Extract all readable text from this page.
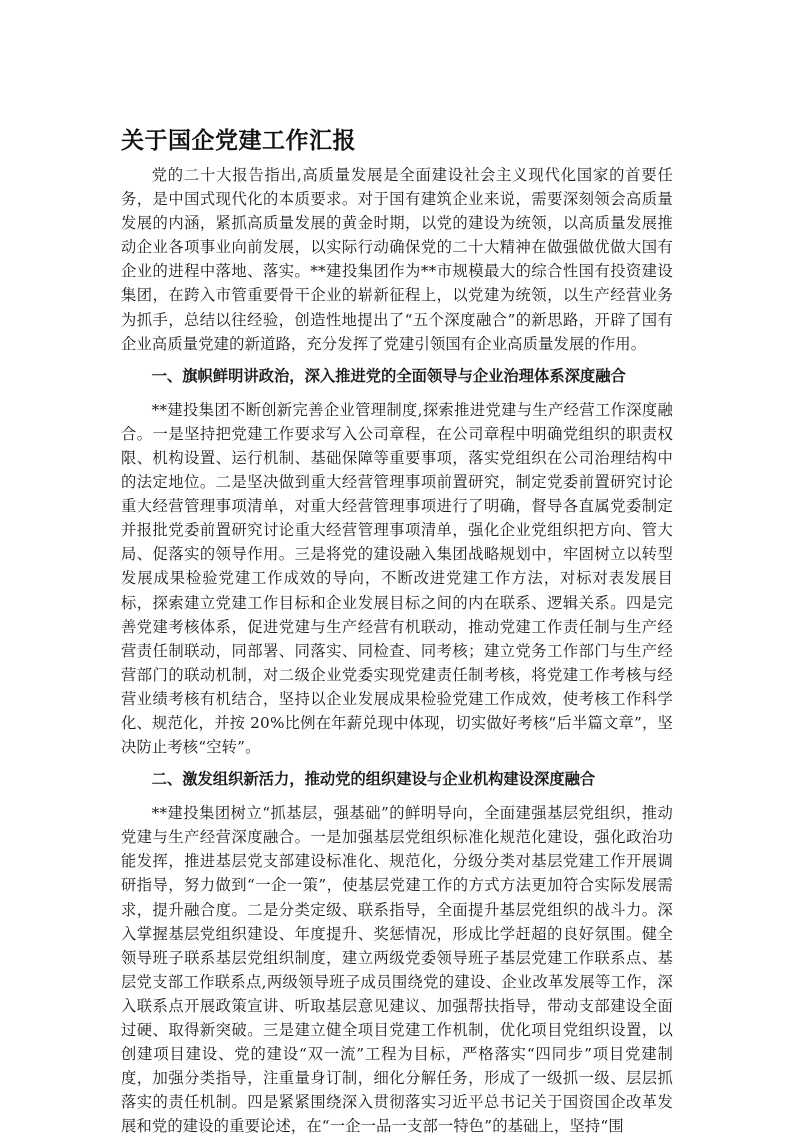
关于国企党建工作汇报

党的二十大报告指出,高质量发展是全面建设社会主义现代化国家的首要任务，是中国式现代化的本质要求。对于国有建筑企业来说，需要深刻领会高质量发展的内涵，紧抓高质量发展的黄金时期，以党的建设为统领，以高质量发展推动企业各项事业向前发展，以实际行动确保党的二十大精神在做强做优做大国有企业的进程中落地、落实。**建投集团作为**市规模最大的综合性国有投资建设集团，在跨入市管重要骨干企业的崭新征程上，以党建为统领，以生产经营业务为抓手，总结以往经验，创造性地提出了“五个深度融合”的新思路，开辟了国有企业高质量党建的新道路，充分发挥了党建引领国有企业高质量发展的作用。

一、旗帜鲜明讲政治，深入推进党的全面领导与企业治理体系深度融合

**建投集团不断创新完善企业管理制度,探索推进党建与生产经营工作深度融合。一是坚持把党建工作要求写入公司章程，在公司章程中明确党组织的职责权限、机构设置、运行机制、基础保障等重要事项，落实党组织在公司治理结构中的法定地位。二是坚决做到重大经营管理事项前置研究，制定党委前置研究讨论重大经营管理事项清单，对重大经营管理事项进行了明确，督导各直属党委制定并报批党委前置研究讨论重大经营管理事项清单，强化企业党组织把方向、管大局、促落实的领导作用。三是将党的建设融入集团战略规划中，牢固树立以转型发展成果检验党建工作成效的导向，不断改进党建工作方法，对标对表发展目标，探索建立党建工作目标和企业发展目标之间的内在联系、逻辑关系。四是完善党建考核体系，促进党建与生产经营有机联动，推动党建工作责任制与生产经营责任制联动，同部署、同落实、同检查、同考核；建立党务工作部门与生产经营部门的联动机制，对二级企业党委实现党建责任制考核，将党建工作考核与经营业绩考核有机结合，坚持以企业发展成果检验党建工作成效，使考核工作科学化、规范化，并按 20%比例在年薪兑现中体现，切实做好考核“后半篇文章”，坚决防止考核“空转”。

二、激发组织新活力，推动党的组织建设与企业机构建设深度融合

**建投集团树立“抓基层，强基础”的鲜明导向，全面建强基层党组织，推动党建与生产经营深度融合。一是加强基层党组织标准化规范化建设，强化政治功能发挥，推进基层党支部建设标准化、规范化，分级分类对基层党建工作开展调研指导，努力做到“一企一策”，使基层党建工作的方式方法更加符合实际发展需求，提升融合度。二是分类定级、联系指导，全面提升基层党组织的战斗力。深入掌握基层党组织建设、年度提升、奖惩情况，形成比学赶超的良好氛围。健全领导班子联系基层党组织制度，建立两级党委领导班子基层党建工作联系点、基层党支部工作联系点,两级领导班子成员围绕党的建设、企业改革发展等工作，深入联系点开展政策宣讲、听取基层意见建议、加强帮扶指导，带动支部建设全面过硬、取得新突破。三是建立健全项目党建工作机制，优化项目党组织设置，以创建项目建设、党的建设“双一流”工程为目标，严格落实“四同步”项目党建制度，加强分类指导，注重量身订制，细化分解任务，形成了一级抓一级、层层抓落实的责任机制。四是紧紧围绕深入贯彻落实习近平总书记关于国资国企改革发展和党的建设的重要论述，在“一企一品一支部一特色”的基础上，坚持“围
